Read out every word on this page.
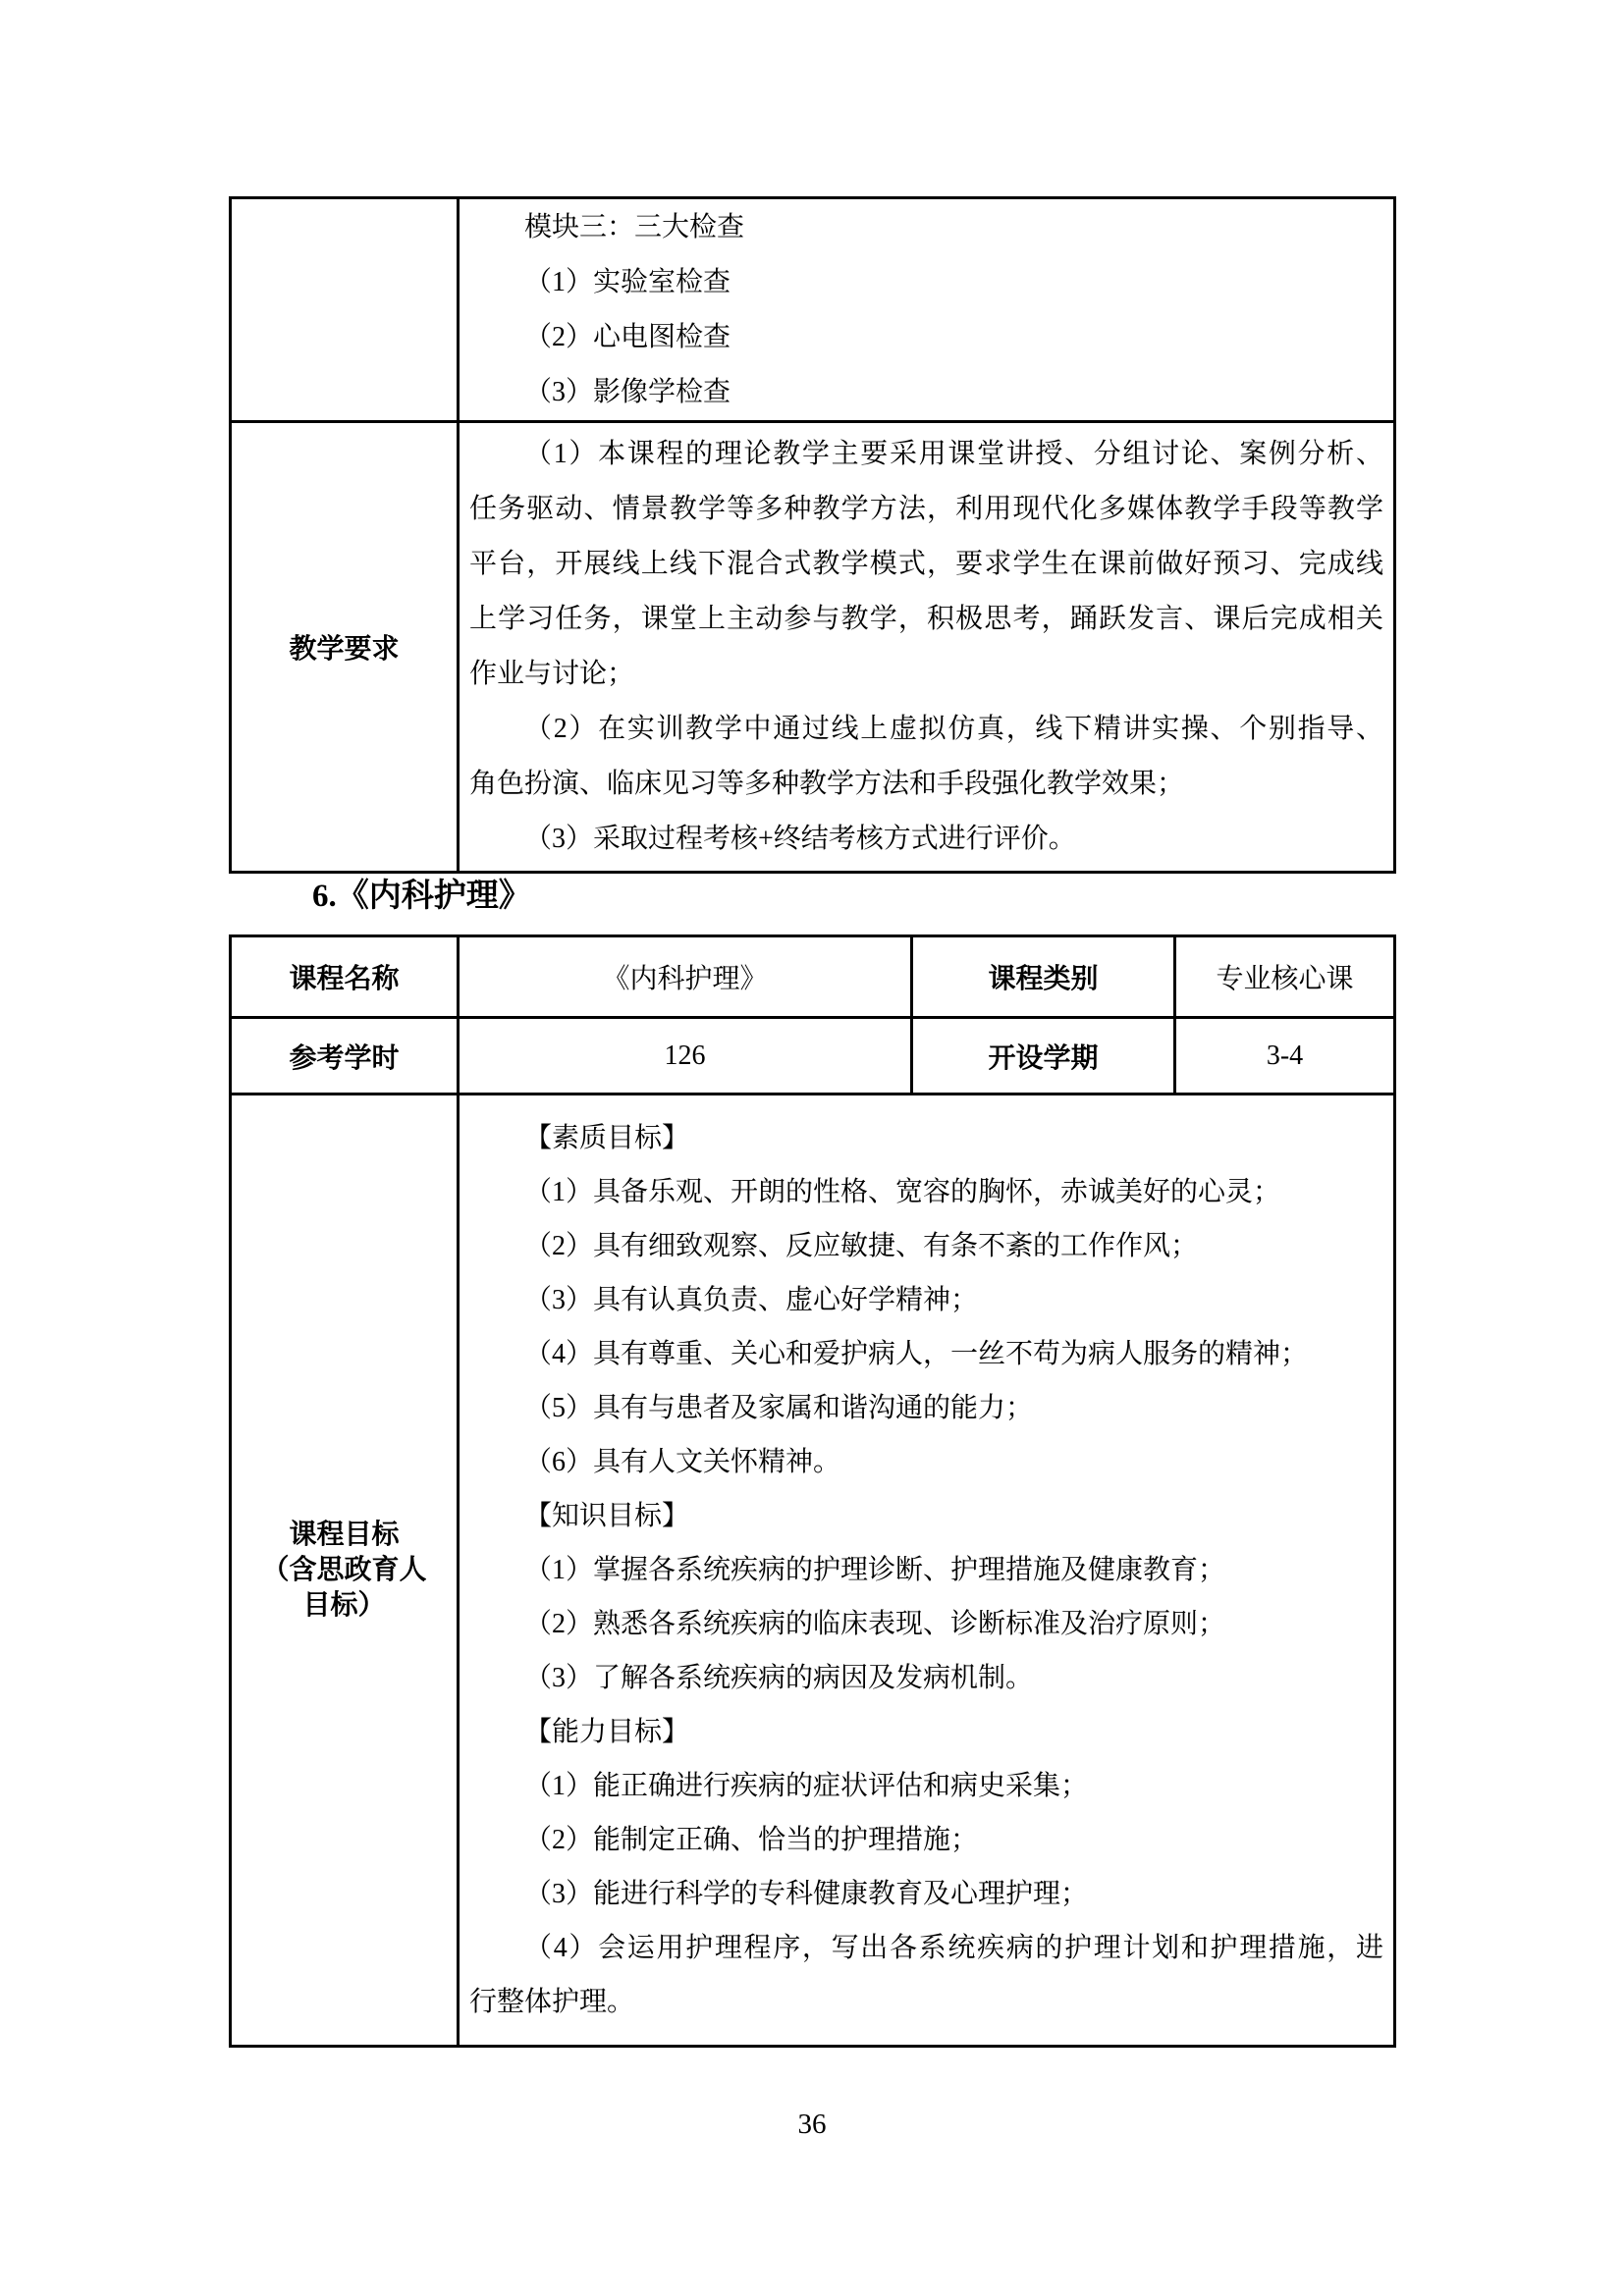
	模块三：三大检查
（1）实验室检查
（2）心电图检查
（3）影像学检查

教学要求

（1）本课程的理论教学主要采用课堂讲授、分组讨论、案例分析、
任务驱动、情景教学等多种教学方法，利用现代化多媒体教学手段等教学
平台，开展线上线下混合式教学模式，要求学生在课前做好预习、完成线
上学习任务，课堂上主动参与教学，积极思考，踊跃发言、课后完成相关
作业与讨论；
（2）在实训教学中通过线上虚拟仿真，线下精讲实操、个别指导、
角色扮演、临床见习等多种教学方法和手段强化教学效果；
（3）采取过程考核+终结考核方式进行评价。
6.《内科护理》
课程名称	《内科护理》	课程类别	专业核心课

参考学时	126	开设学期	3-4

课程目标
（含思政育人
目标）

【素质目标】
（1）具备乐观、开朗的性格、宽容的胸怀，赤诚美好的心灵；
（2）具有细致观察、反应敏捷、有条不紊的工作作风；
（3）具有认真负责、虚心好学精神；
（4）具有尊重、关心和爱护病人，一丝不苟为病人服务的精神；
（5）具有与患者及家属和谐沟通的能力；
（6）具有人文关怀精神。
【知识目标】
（1）掌握各系统疾病的护理诊断、护理措施及健康教育；
（2）熟悉各系统疾病的临床表现、诊断标准及治疗原则；
（3）了解各系统疾病的病因及发病机制。
【能力目标】
（1）能正确进行疾病的症状评估和病史采集；
（2）能制定正确、恰当的护理措施；
（3）能进行科学的专科健康教育及心理护理；
（4）会运用护理程序，写出各系统疾病的护理计划和护理措施，进
行整体护理。
36
